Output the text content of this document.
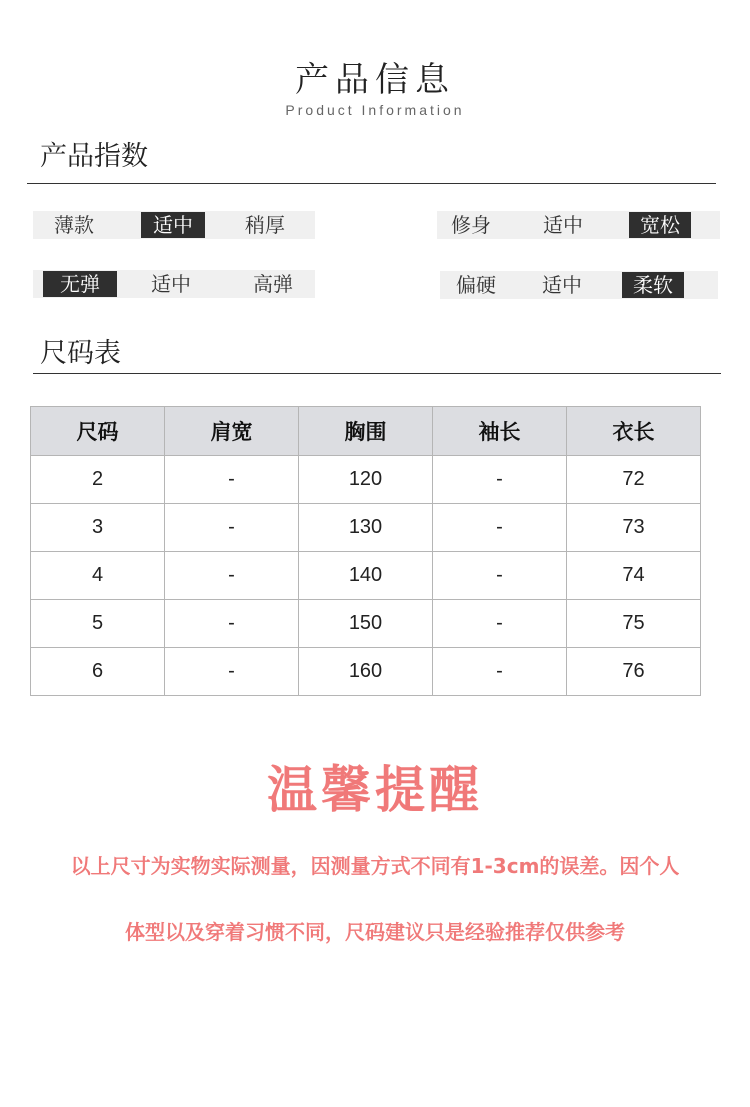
产品信息
Product Information
产品指数
薄款	适中	稍厚	修身	适中	宽松
无弹	适中	高弹	偏硬	适中	柔软
尺码表
尺码	肩宽	胸围	袖长	衣长
2	-	120	-	72
3	-	130	-	73
4	-	140	-	74
5	-	150	-	75
6	-	160	-	76
温馨提醒
以上尺寸为实物实际测量，因测量方式不同有1-3cm的误差。因个人
体型以及穿着习惯不同，尺码建议只是经验推荐仅供参考
